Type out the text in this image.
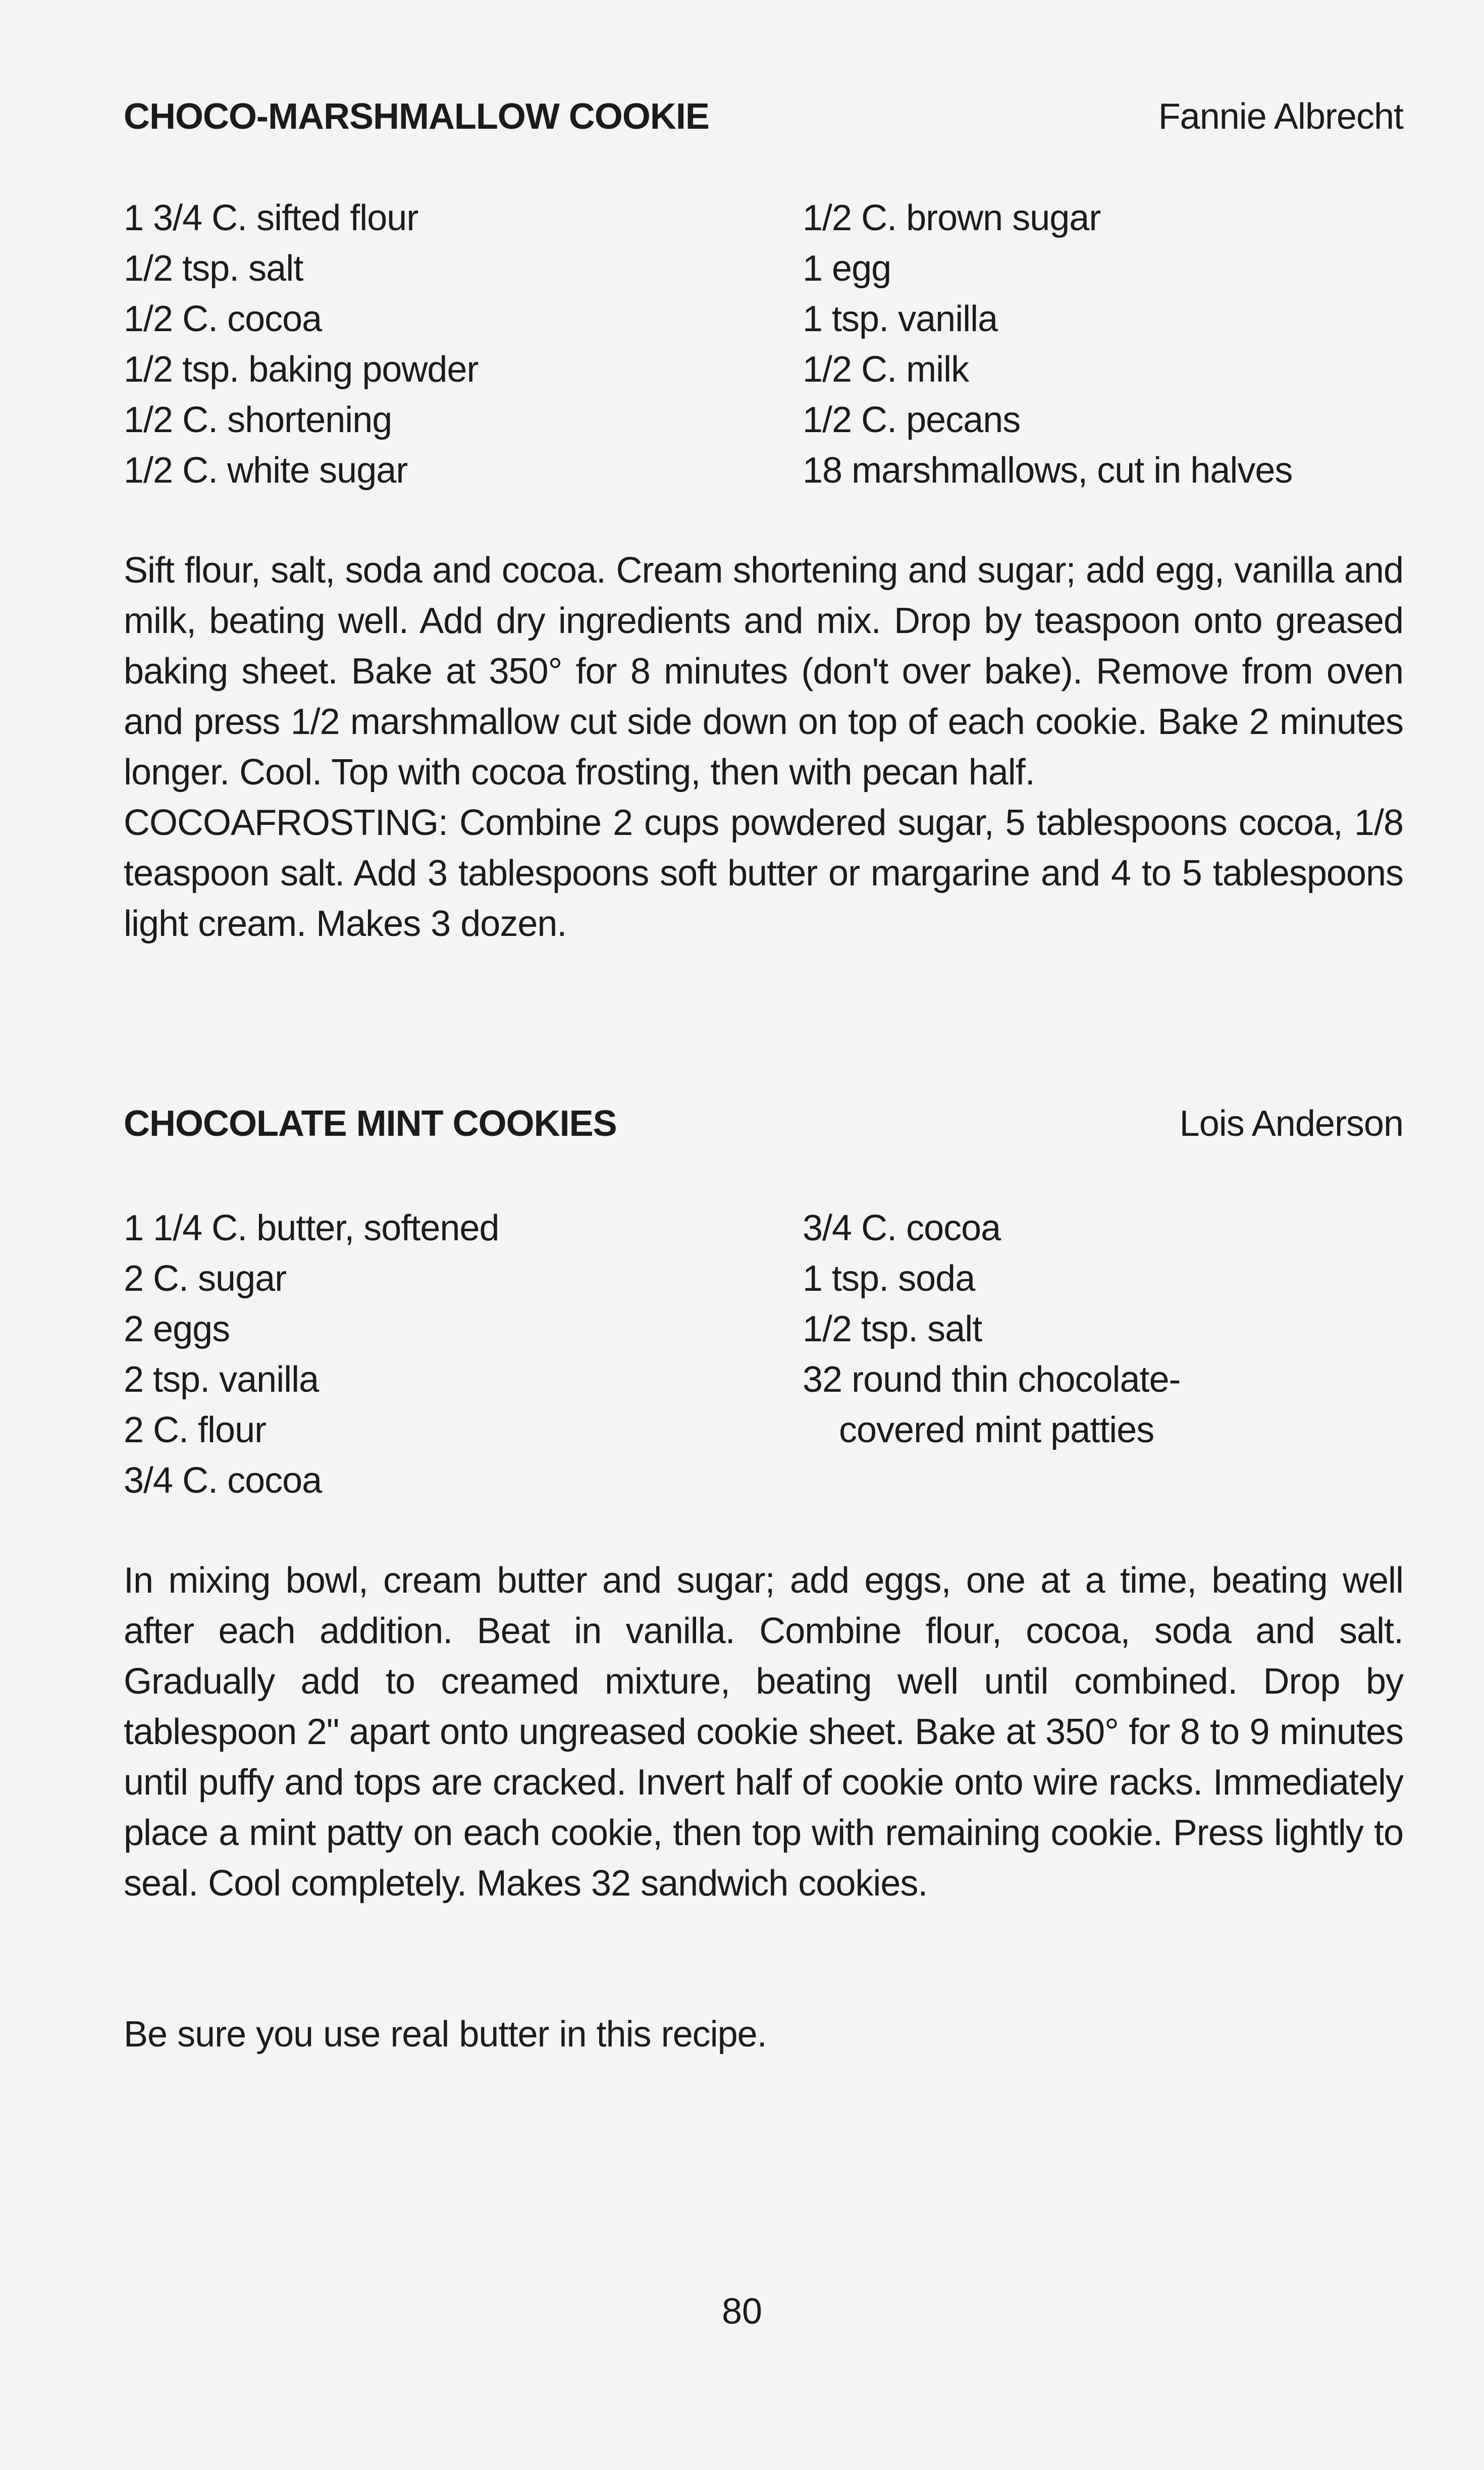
CHOCO-MARSHMALLOW COOKIE	Fannie Albrecht
1 3/4 C. sifted flour
1/2 tsp. salt
1/2 C. cocoa
1/2 tsp. baking powder
1/2 C. shortening
1/2 C. white sugar
1/2 C. brown sugar
1 egg
1 tsp. vanilla
1/2 C. milk
1/2 C. pecans
18 marshmallows, cut in halves

Sift flour, salt, soda and cocoa. Cream shortening and sugar; add egg, vanilla and milk, beating well. Add dry ingredients and mix. Drop by teaspoon onto greased baking sheet. Bake at 350° for 8 minutes (don't over bake). Remove from oven and press 1/2 marshmallow cut side down on top of each cookie. Bake 2 minutes longer. Cool. Top with cocoa frosting, then with pecan half.

COCOAFROSTING: Combine 2 cups powdered sugar, 5 tablespoons cocoa, 1/8 teaspoon salt. Add 3 tablespoons soft butter or margarine and 4 to 5 tablespoons light cream. Makes 3 dozen.

CHOCOLATE MINT COOKIES	Lois Anderson
1 1/4 C. butter, softened
2 C. sugar
2 eggs
2 tsp. vanilla
2 C. flour
3/4 C. cocoa
3/4 C. cocoa
1 tsp. soda
1/2 tsp. salt
32 round thin chocolate-
covered mint patties

In mixing bowl, cream butter and sugar; add eggs, one at a time, beating well after each addition. Beat in vanilla. Combine flour, cocoa, soda and salt. Gradually add to creamed mixture, beating well until combined. Drop by tablespoon 2" apart onto ungreased cookie sheet. Bake at 350° for 8 to 9 minutes until puffy and tops are cracked. Invert half of cookie onto wire racks. Immediately place a mint patty on each cookie, then top with remaining cookie. Press lightly to seal. Cool completely. Makes 32 sandwich cookies.

Be sure you use real butter in this recipe.

80
